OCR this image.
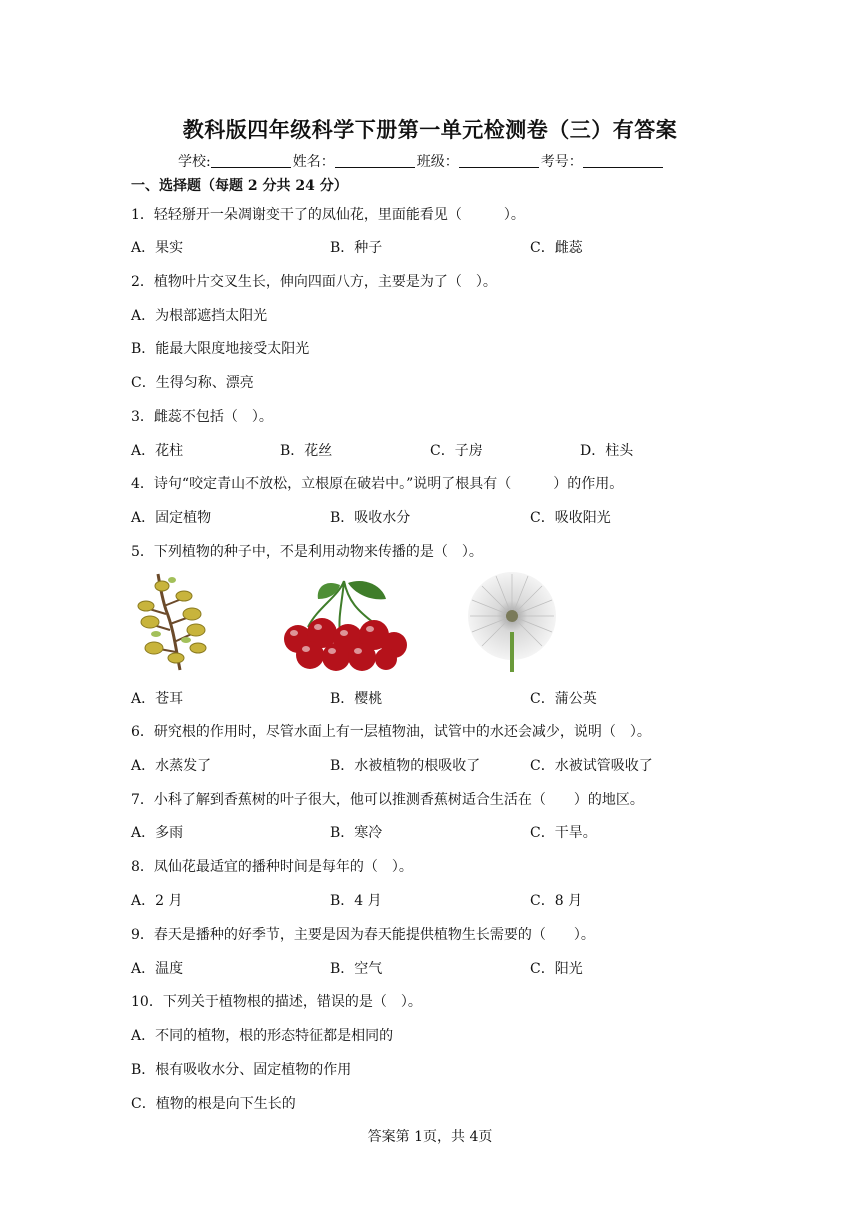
教科版四年级科学下册第一单元检测卷（三）有答案
学校:	姓名：	班级：	考号：
一、选择题（每题 2 分共 24 分）
1．轻轻掰开一朵凋谢变干了的凤仙花，里面能看见（　　　）。
A．果实	B．种子	C．雌蕊
2．植物叶片交叉生长，伸向四面八方，主要是为了（　）。
A．为根部遮挡太阳光
B．能最大限度地接受太阳光
C．生得匀称、漂亮
3．雌蕊不包括（　）。
A．花柱	B．花丝	C．子房	D．柱头
4．诗句“咬定青山不放松，立根原在破岩中。”说明了根具有（　　　）的作用。
A．固定植物	B．吸收水分	C．吸收阳光
5．下列植物的种子中，不是利用动物来传播的是（　）。
A．苍耳	B．樱桃	C．蒲公英
6．研究根的作用时，尽管水面上有一层植物油，试管中的水还会减少，说明（　）。
A．水蒸发了	B．水被植物的根吸收了	C．水被试管吸收了
7．小科了解到香蕉树的叶子很大，他可以推测香蕉树适合生活在（　　）的地区。
A．多雨	B．寒冷	C．干旱。
8．凤仙花最适宜的播种时间是每年的（　）。
A．2 月	B．4 月	C．8 月
9．春天是播种的好季节，主要是因为春天能提供植物生长需要的（　　）。
A．温度	B．空气	C．阳光
10．下列关于植物根的描述，错误的是（　）。
A．不同的植物，根的形态特征都是相同的
B．根有吸收水分、固定植物的作用
C．植物的根是向下生长的
答案第 1页，共 4页
